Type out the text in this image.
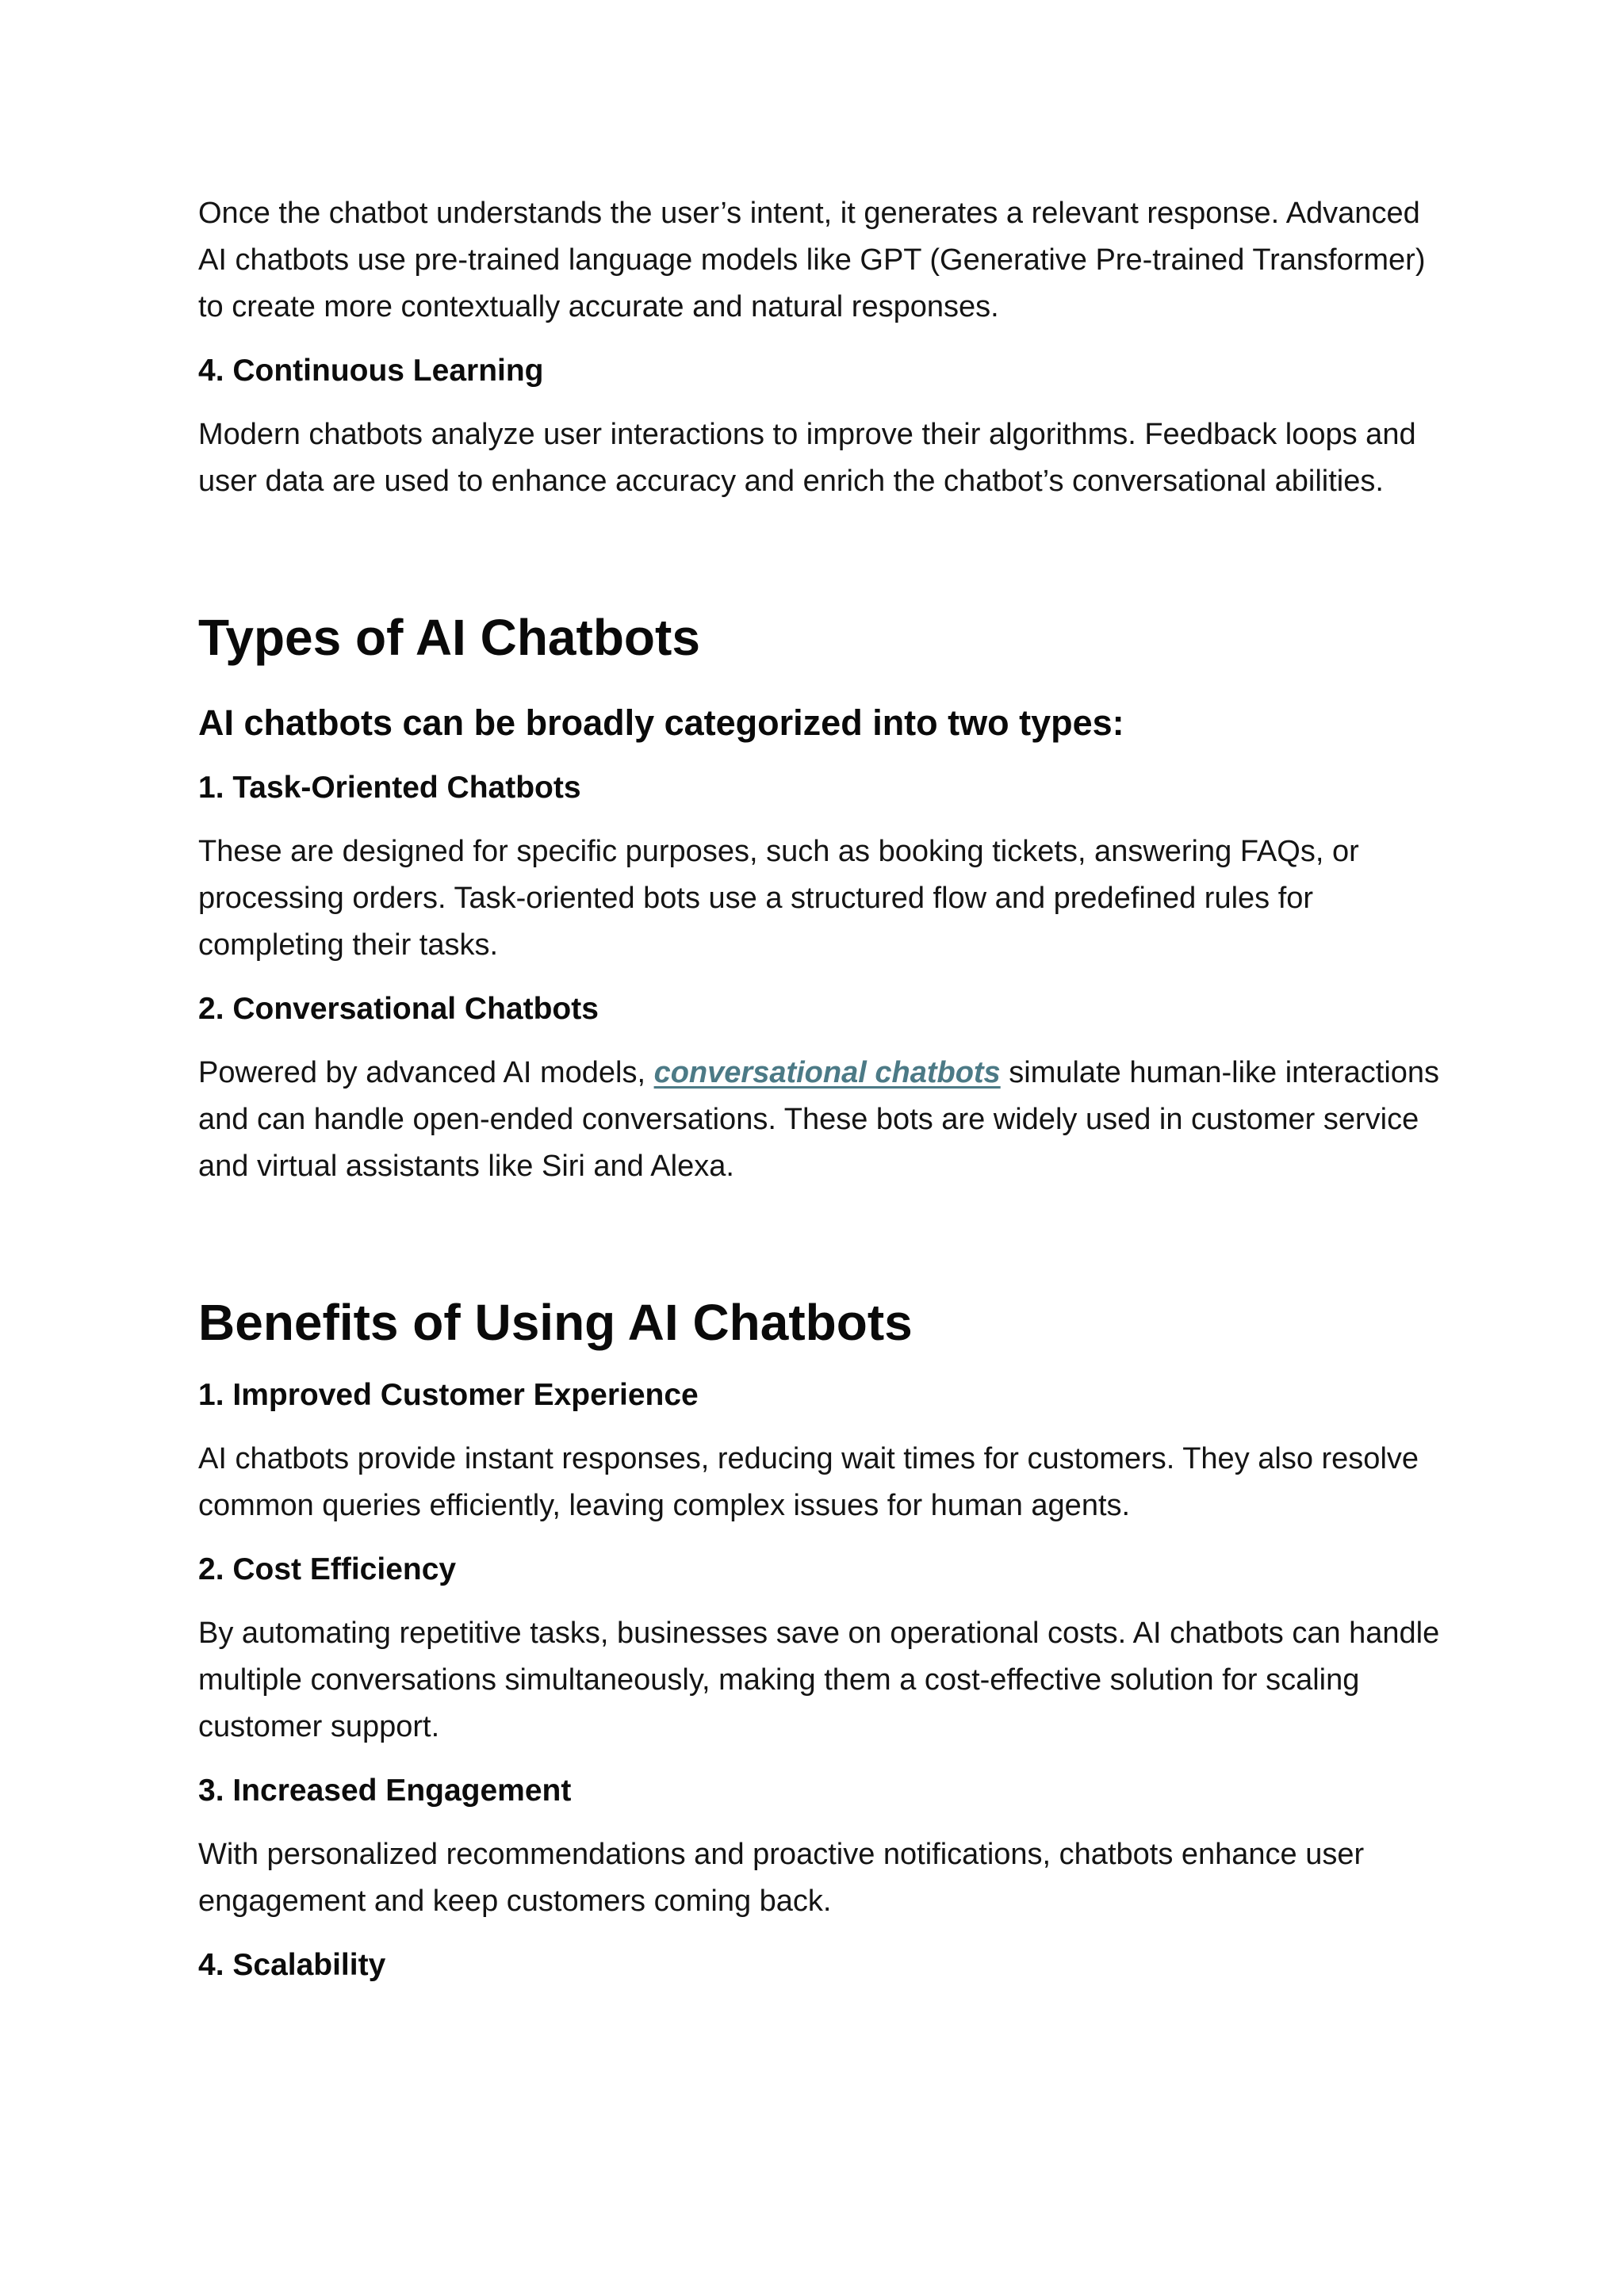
Once the chatbot understands the user’s intent, it generates a relevant response. Advanced AI chatbots use pre-trained language models like GPT (Generative Pre-trained Transformer) to create more contextually accurate and natural responses.

4. Continuous Learning

Modern chatbots analyze user interactions to improve their algorithms. Feedback loops and user data are used to enhance accuracy and enrich the chatbot’s conversational abilities.

Types of AI Chatbots
AI chatbots can be broadly categorized into two types:
1. Task-Oriented Chatbots

These are designed for specific purposes, such as booking tickets, answering FAQs, or processing orders. Task-oriented bots use a structured flow and predefined rules for completing their tasks.

2. Conversational Chatbots

Powered by advanced AI models, conversational chatbots simulate human-like interactions and can handle open-ended conversations. These bots are widely used in customer service and virtual assistants like Siri and Alexa.

Benefits of Using AI Chatbots
1. Improved Customer Experience

AI chatbots provide instant responses, reducing wait times for customers. They also resolve common queries efficiently, leaving complex issues for human agents.

2. Cost Efficiency

By automating repetitive tasks, businesses save on operational costs. AI chatbots can handle multiple conversations simultaneously, making them a cost-effective solution for scaling customer support.

3. Increased Engagement

With personalized recommendations and proactive notifications, chatbots enhance user engagement and keep customers coming back.

4. Scalability
